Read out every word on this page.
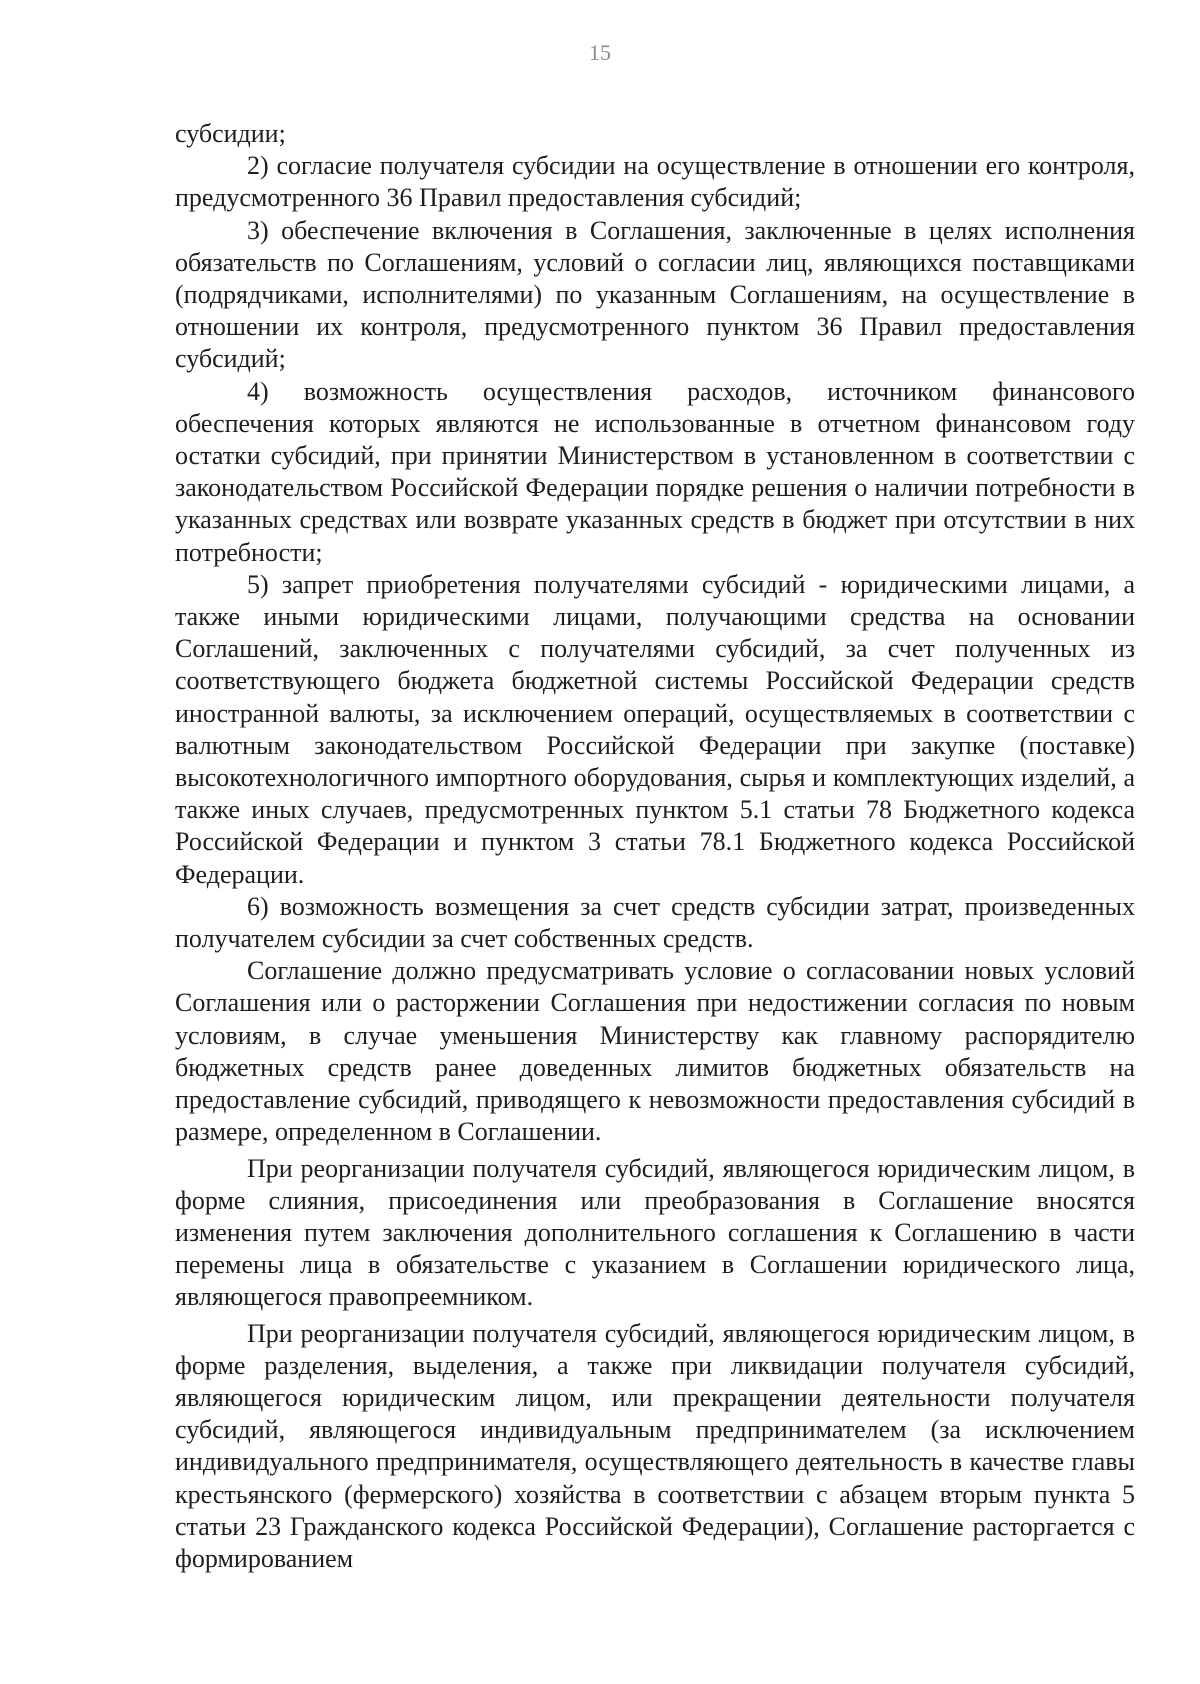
15

субсидии;

2) согласие получателя субсидии на осуществление в отношении его контроля, предусмотренного 36 Правил предоставления субсидий;

3) обеспечение включения в Соглашения, заключенные в целях исполнения обязательств по Соглашениям, условий о согласии лиц, являющихся поставщиками (подрядчиками, исполнителями) по указанным Соглашениям, на осуществление в отношении их контроля, предусмотренного пунктом 36 Правил предоставления субсидий;

4) возможность осуществления расходов, источником финансового обеспечения которых являются не использованные в отчетном финансовом году остатки субсидий, при принятии Министерством в установленном в соответствии с законодательством Российской Федерации порядке решения о наличии потребности в указанных средствах или возврате указанных средств в бюджет при отсутствии в них потребности;

5) запрет приобретения получателями субсидий - юридическими лицами, а также иными юридическими лицами, получающими средства на основании Соглашений, заключенных с получателями субсидий, за счет полученных из соответствующего бюджета бюджетной системы Российской Федерации средств иностранной валюты, за исключением операций, осуществляемых в соответствии с валютным законодательством Российской Федерации при закупке (поставке) высокотехнологичного импортного оборудования, сырья и комплектующих изделий, а также иных случаев, предусмотренных пунктом 5.1 статьи 78 Бюджетного кодекса Российской Федерации и пунктом 3 статьи 78.1 Бюджетного кодекса Российской Федерации.

6) возможность возмещения за счет средств субсидии затрат, произведенных получателем субсидии за счет собственных средств.

Соглашение должно предусматривать условие о согласовании новых условий Соглашения или о расторжении Соглашения при недостижении согласия по новым условиям, в случае уменьшения Министерству как главному распорядителю бюджетных средств ранее доведенных лимитов бюджетных обязательств на предоставление субсидий, приводящего к невозможности предоставления субсидий в размере, определенном в Соглашении.

При реорганизации получателя субсидий, являющегося юридическим лицом, в форме слияния, присоединения или преобразования в Соглашение вносятся изменения путем заключения дополнительного соглашения к Соглашению в части перемены лица в обязательстве с указанием в Соглашении юридического лица, являющегося правопреемником.

При реорганизации получателя субсидий, являющегося юридическим лицом, в форме разделения, выделения, а также при ликвидации получателя субсидий, являющегося юридическим лицом, или прекращении деятельности получателя субсидий, являющегося индивидуальным предпринимателем (за исключением индивидуального предпринимателя, осуществляющего деятельность в качестве главы крестьянского (фермерского) хозяйства в соответствии с абзацем вторым пункта 5 статьи 23 Гражданского кодекса Российской Федерации), Соглашение расторгается с формированием
